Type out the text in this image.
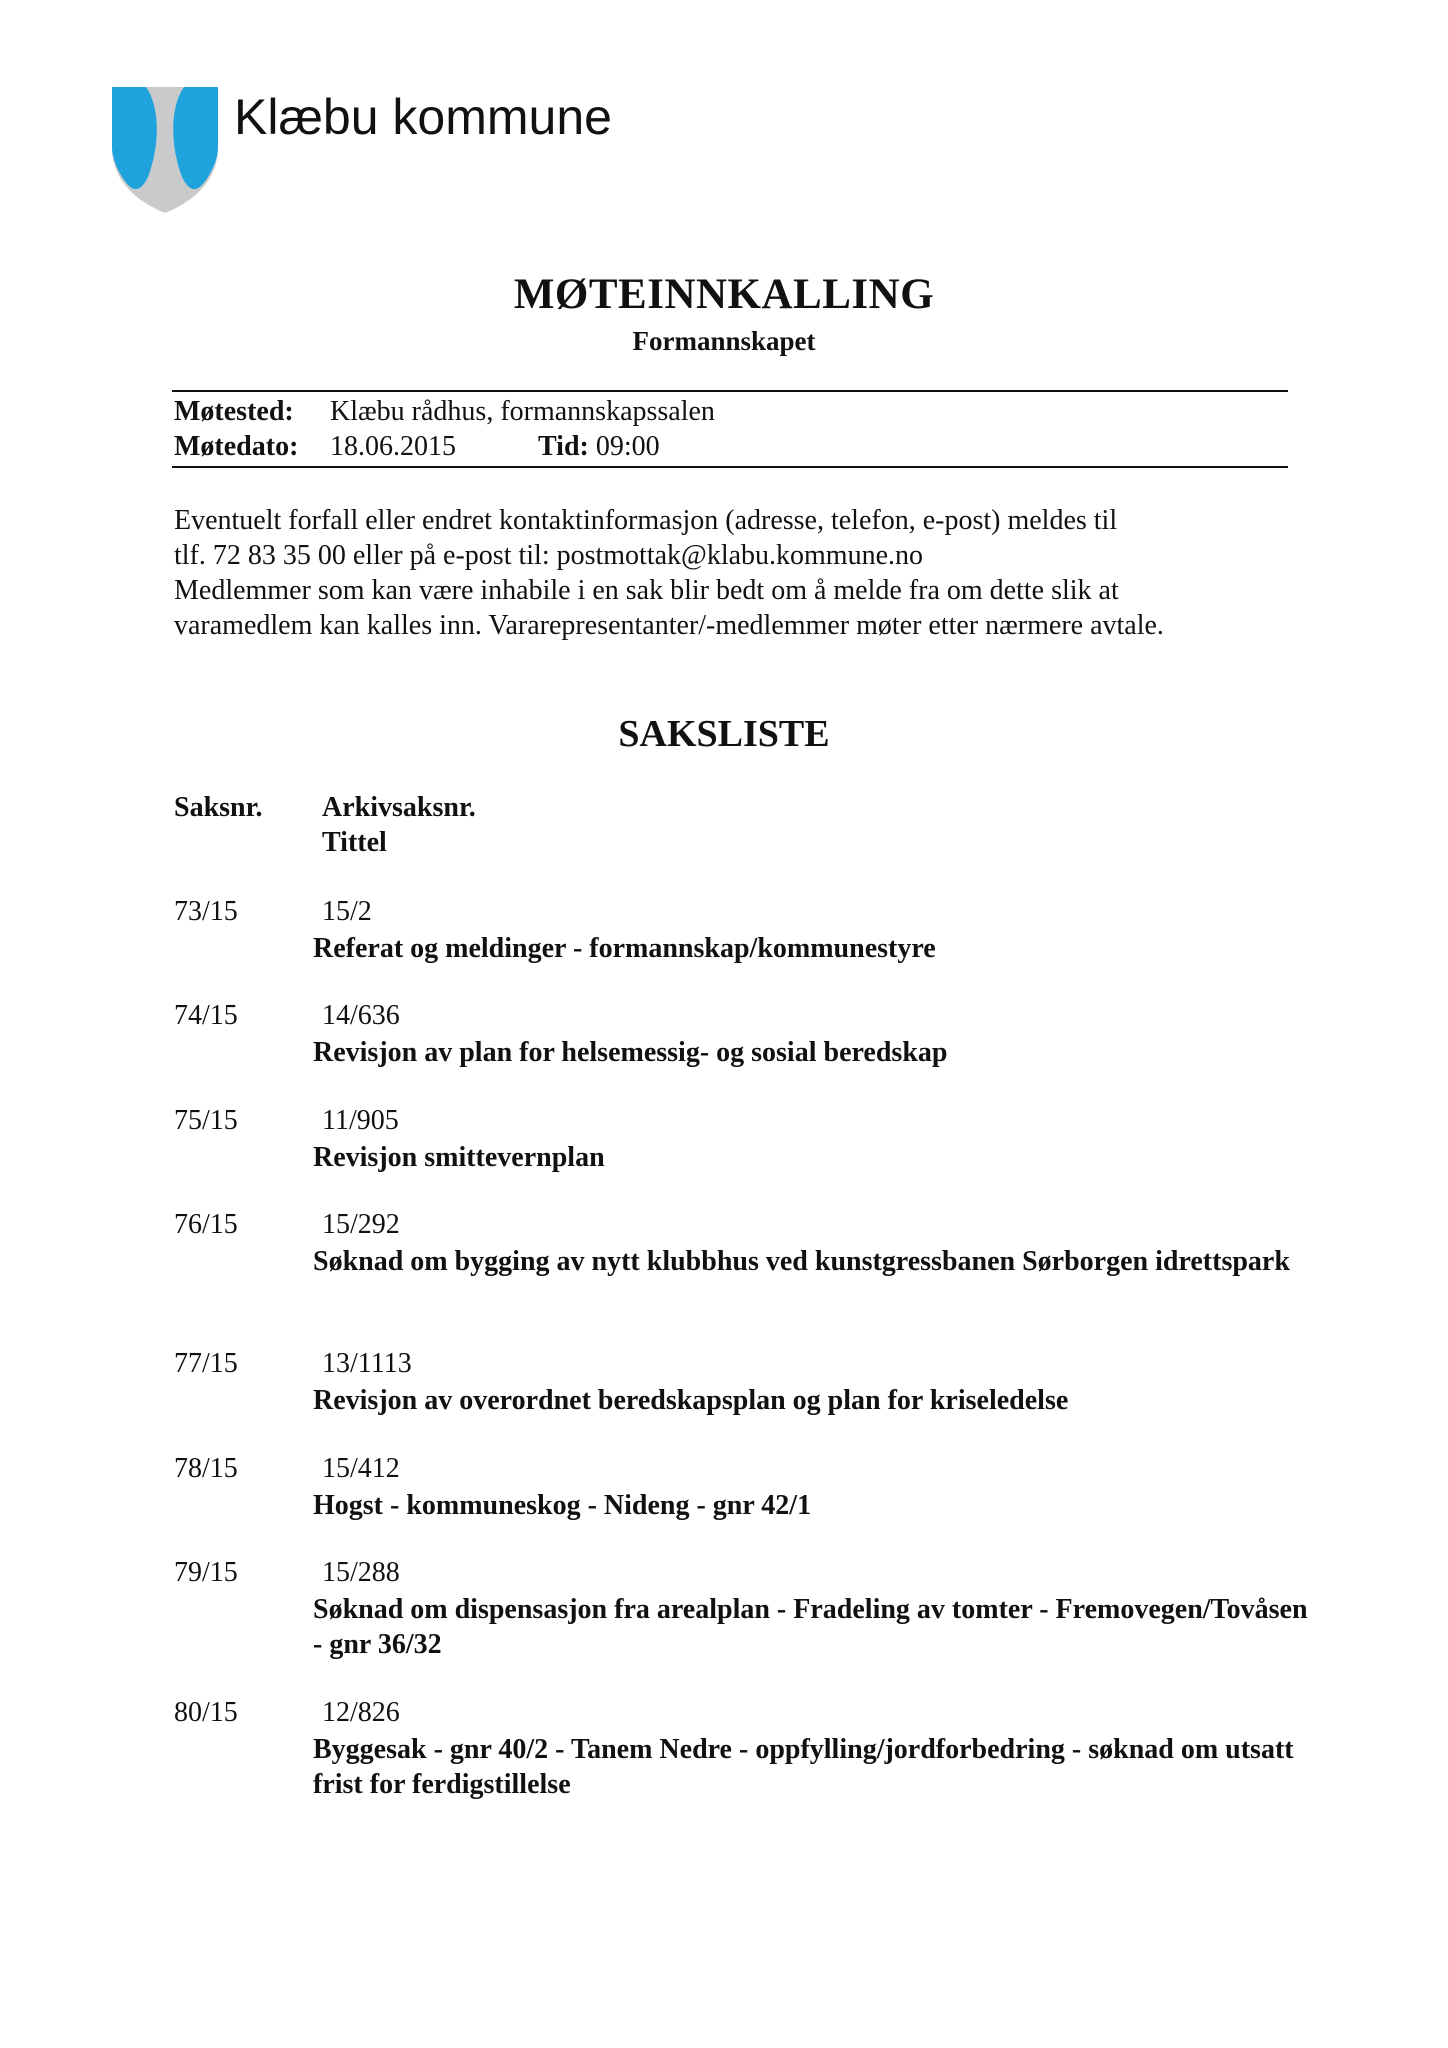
Klæbu kommune
MØTEINNKALLING
Formannskapet
Møtested: Klæbu rådhus, formannskapssalen
Møtedato: 18.06.2015	Tid: 09:00
Eventuelt forfall eller endret kontaktinformasjon (adresse, telefon, e-post) meldes til
tlf. 72 83 35 00 eller på e-post til: postmottak@klabu.kommune.no
Medlemmer som kan være inhabile i en sak blir bedt om å melde fra om dette slik at
varamedlem kan kalles inn. Vararepresentanter/-medlemmer møter etter nærmere avtale.
SAKSLISTE
Saksnr. Arkivsaksnr.
Tittel
73/15	15/2
Referat og meldinger - formannskap/kommunestyre
74/15	14/636
Revisjon av plan for helsemessig- og sosial beredskap
75/15	11/905
Revisjon smittevernplan
76/15	15/292
Søknad om bygging av nytt klubbhus ved kunstgressbanen Sørborgen idrettspark
77/15	13/1113
Revisjon av overordnet beredskapsplan og plan for kriseledelse
78/15	15/412
Hogst - kommuneskog - Nideng - gnr 42/1
79/15	15/288
Søknad om dispensasjon fra arealplan - Fradeling av tomter - Fremovegen/Tovåsen - gnr 36/32
80/15	12/826
Byggesak - gnr 40/2 - Tanem Nedre - oppfylling/jordforbedring - søknad om utsatt frist for ferdigstillelse
